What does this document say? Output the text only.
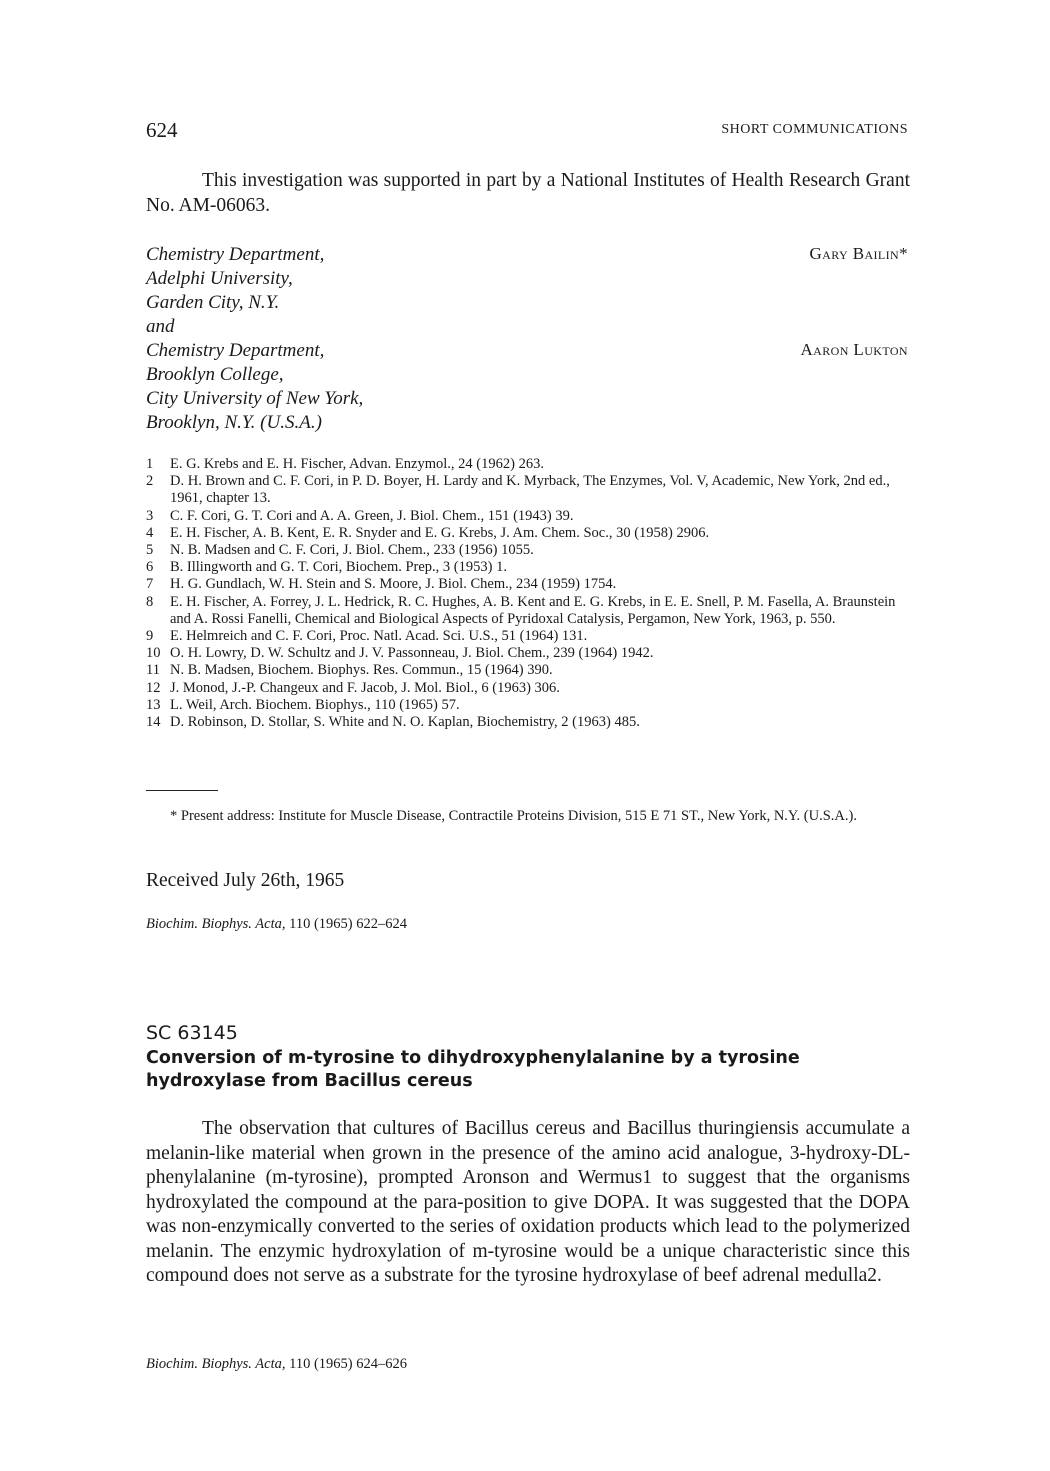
624	SHORT COMMUNICATIONS
This investigation was supported in part by a National Institutes of Health Research Grant No. AM-06063.
Chemistry Department,
Adelphi University,
Garden City, N.Y.
and
Chemistry Department,
Brooklyn College,
City University of New York,
Brooklyn, N.Y. (U.S.A.)
Gary Bailin*
Aaron Lukton
1	E. G. Krebs and E. H. Fischer, Advan. Enzymol., 24 (1962) 263.
2	D. H. Brown and C. F. Cori, in P. D. Boyer, H. Lardy and K. Myrback, The Enzymes, Vol. V, Academic, New York, 2nd ed., 1961, chapter 13.
3	C. F. Cori, G. T. Cori and A. A. Green, J. Biol. Chem., 151 (1943) 39.
4	E. H. Fischer, A. B. Kent, E. R. Snyder and E. G. Krebs, J. Am. Chem. Soc., 30 (1958) 2906.
5	N. B. Madsen and C. F. Cori, J. Biol. Chem., 233 (1956) 1055.
6	B. Illingworth and G. T. Cori, Biochem. Prep., 3 (1953) 1.
7	H. G. Gundlach, W. H. Stein and S. Moore, J. Biol. Chem., 234 (1959) 1754.
8	E. H. Fischer, A. Forrey, J. L. Hedrick, R. C. Hughes, A. B. Kent and E. G. Krebs, in E. E. Snell, P. M. Fasella, A. Braunstein and A. Rossi Fanelli, Chemical and Biological Aspects of Pyridoxal Catalysis, Pergamon, New York, 1963, p. 550.
9	E. Helmreich and C. F. Cori, Proc. Natl. Acad. Sci. U.S., 51 (1964) 131.
10 O. H. Lowry, D. W. Schultz and J. V. Passonneau, J. Biol. Chem., 239 (1964) 1942.
11 N. B. Madsen, Biochem. Biophys. Res. Commun., 15 (1964) 390.
12 J. Monod, J.-P. Changeux and F. Jacob, J. Mol. Biol., 6 (1963) 306.
13 L. Weil, Arch. Biochem. Biophys., 110 (1965) 57.
14 D. Robinson, D. Stollar, S. White and N. O. Kaplan, Biochemistry, 2 (1963) 485.
* Present address: Institute for Muscle Disease, Contractile Proteins Division, 515 E 71 ST., New York, N.Y. (U.S.A.).
Received July 26th, 1965
Biochim. Biophys. Acta, 110 (1965) 622–624
SC 63145
Conversion of m-tyrosine to dihydroxyphenylalanine by a tyrosine
hydroxylase from Bacillus cereus
The observation that cultures of Bacillus cereus and Bacillus thuringiensis accumulate a melanin-like material when grown in the presence of the amino acid analogue, 3-hydroxy-DL-phenylalanine (m-tyrosine), prompted Aronson and Wermus1 to suggest that the organisms hydroxylated the compound at the para-position to give DOPA. It was suggested that the DOPA was non-enzymically converted to the series of oxidation products which lead to the polymerized melanin. The enzymic hydroxylation of m-tyrosine would be a unique characteristic since this compound does not serve as a substrate for the tyrosine hydroxylase of beef adrenal medulla2.
Biochim. Biophys. Acta, 110 (1965) 624–626
